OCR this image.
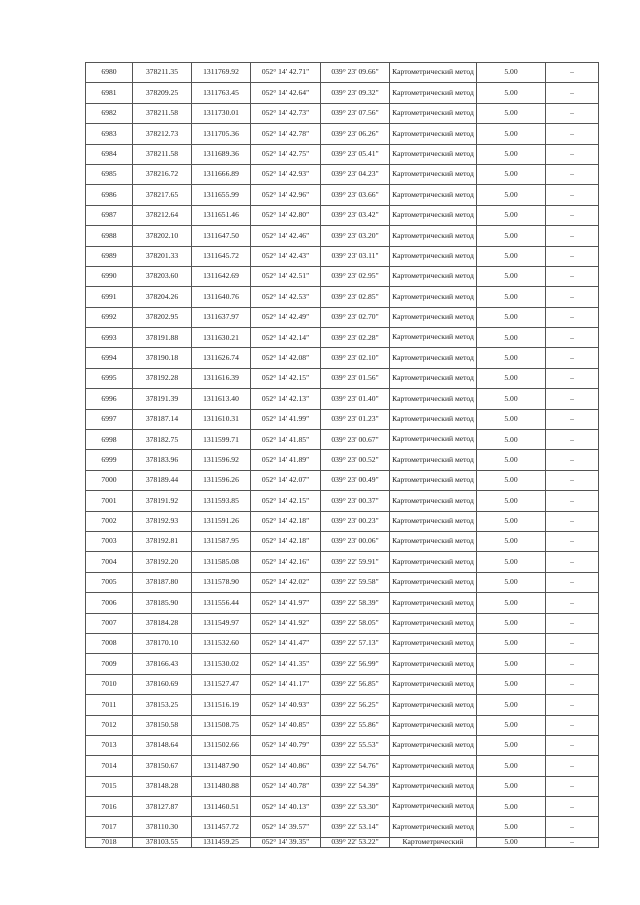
6980	378211.35	1311769.92	052° 14' 42.71"	039° 23' 09.66"	Картометрический метод	5.00	–
6981	378209.25	1311763.45	052° 14' 42.64"	039° 23' 09.32"	Картометрический метод	5.00	–
6982	378211.58	1311730.01	052° 14' 42.73"	039° 23' 07.56"	Картометрический метод	5.00	–
6983	378212.73	1311705.36	052° 14' 42.78"	039° 23' 06.26"	Картометрический метод	5.00	–
6984	378211.58	1311689.36	052° 14' 42.75"	039° 23' 05.41"	Картометрический метод	5.00	–
6985	378216.72	1311666.89	052° 14' 42.93"	039° 23' 04.23"	Картометрический метод	5.00	–
6986	378217.65	1311655.99	052° 14' 42.96"	039° 23' 03.66"	Картометрический метод	5.00	–
6987	378212.64	1311651.46	052° 14' 42.80"	039° 23' 03.42"	Картометрический метод	5.00	–
6988	378202.10	1311647.50	052° 14' 42.46"	039° 23' 03.20"	Картометрический метод	5.00	–
6989	378201.33	1311645.72	052° 14' 42.43"	039° 23' 03.11"	Картометрический метод	5.00	–
6990	378203.60	1311642.69	052° 14' 42.51"	039° 23' 02.95"	Картометрический метод	5.00	–
6991	378204.26	1311640.76	052° 14' 42.53"	039° 23' 02.85"	Картометрический метод	5.00	–
6992	378202.95	1311637.97	052° 14' 42.49"	039° 23' 02.70"	Картометрический метод	5.00	–
6993	378191.88	1311630.21	052° 14' 42.14"	039° 23' 02.28"	Картометрический метод	5.00	–
6994	378190.18	1311626.74	052° 14' 42.08"	039° 23' 02.10"	Картометрический метод	5.00	–
6995	378192.28	1311616.39	052° 14' 42.15"	039° 23' 01.56"	Картометрический метод	5.00	–
6996	378191.39	1311613.40	052° 14' 42.13"	039° 23' 01.40"	Картометрический метод	5.00	–
6997	378187.14	1311610.31	052° 14' 41.99"	039° 23' 01.23"	Картометрический метод	5.00	–
6998	378182.75	1311599.71	052° 14' 41.85"	039° 23' 00.67"	Картометрический метод	5.00	–
6999	378183.96	1311596.92	052° 14' 41.89"	039° 23' 00.52"	Картометрический метод	5.00	–
7000	378189.44	1311596.26	052° 14' 42.07"	039° 23' 00.49"	Картометрический метод	5.00	–
7001	378191.92	1311593.85	052° 14' 42.15"	039° 23' 00.37"	Картометрический метод	5.00	–
7002	378192.93	1311591.26	052° 14' 42.18"	039° 23' 00.23"	Картометрический метод	5.00	–
7003	378192.81	1311587.95	052° 14' 42.18"	039° 23' 00.06"	Картометрический метод	5.00	–
7004	378192.20	1311585.08	052° 14' 42.16"	039° 22' 59.91"	Картометрический метод	5.00	–
7005	378187.80	1311578.90	052° 14' 42.02"	039° 22' 59.58"	Картометрический метод	5.00	–
7006	378185.90	1311556.44	052° 14' 41.97"	039° 22' 58.39"	Картометрический метод	5.00	–
7007	378184.28	1311549.97	052° 14' 41.92"	039° 22' 58.05"	Картометрический метод	5.00	–
7008	378170.10	1311532.60	052° 14' 41.47"	039° 22' 57.13"	Картометрический метод	5.00	–
7009	378166.43	1311530.02	052° 14' 41.35"	039° 22' 56.99"	Картометрический метод	5.00	–
7010	378160.69	1311527.47	052° 14' 41.17"	039° 22' 56.85"	Картометрический метод	5.00	–
7011	378153.25	1311516.19	052° 14' 40.93"	039° 22' 56.25"	Картометрический метод	5.00	–
7012	378150.58	1311508.75	052° 14' 40.85"	039° 22' 55.86"	Картометрический метод	5.00	–
7013	378148.64	1311502.66	052° 14' 40.79"	039° 22' 55.53"	Картометрический метод	5.00	–
7014	378150.67	1311487.90	052° 14' 40.86"	039° 22' 54.76"	Картометрический метод	5.00	–
7015	378148.28	1311480.88	052° 14' 40.78"	039° 22' 54.39"	Картометрический метод	5.00	–
7016	378127.87	1311460.51	052° 14' 40.13"	039° 22' 53.30"	Картометрический метод	5.00	–
7017	378110.30	1311457.72	052° 14' 39.57"	039° 22' 53.14"	Картометрический метод	5.00	–
7018	378103.55	1311459.25	052° 14' 39.35"	039° 22' 53.22"	Картометрический	5.00	–
